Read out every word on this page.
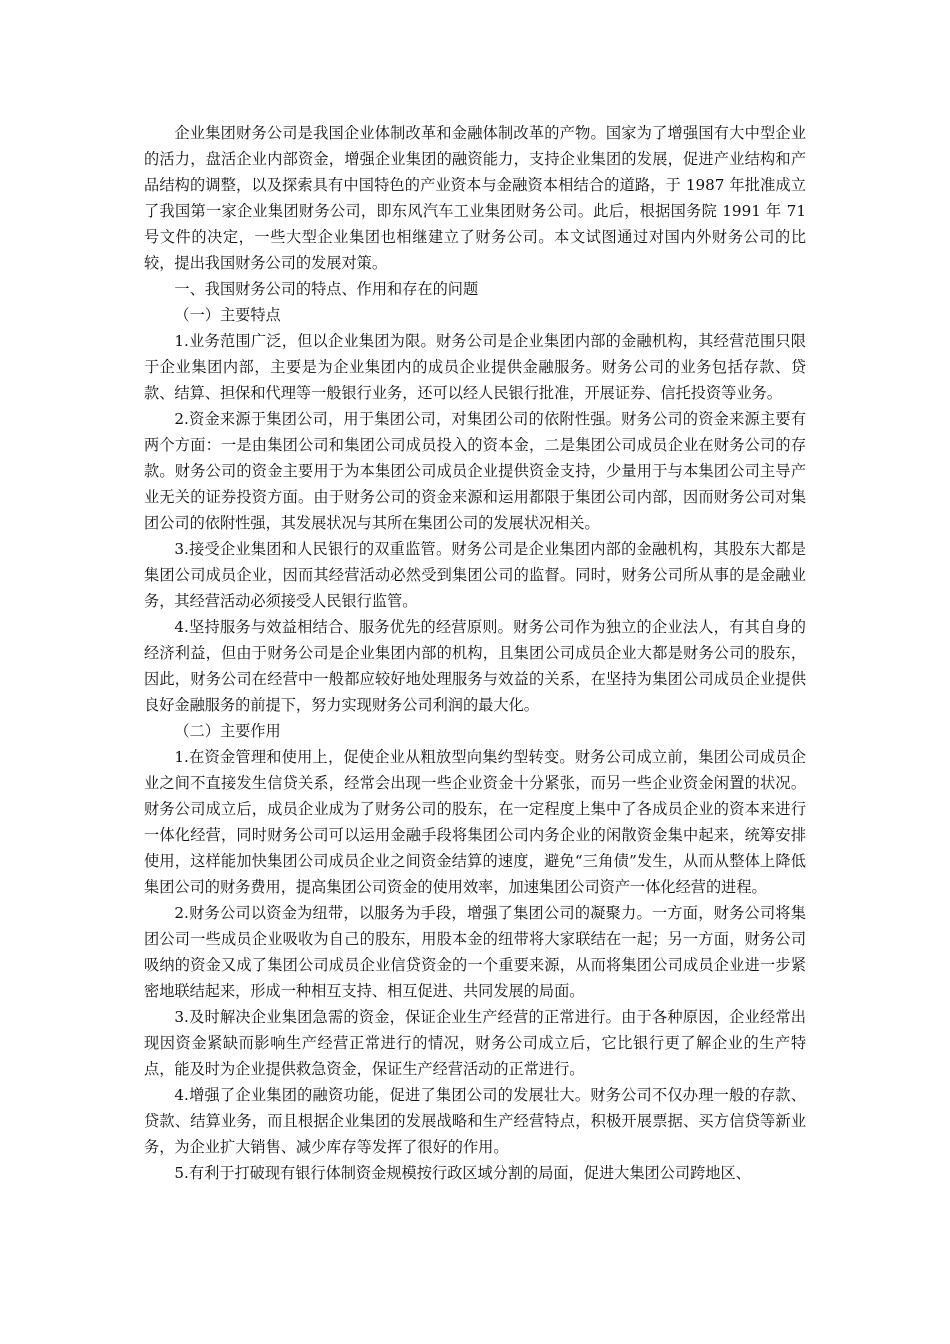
企业集团财务公司是我国企业体制改革和金融体制改革的产物。国家为了增强国有大中型企业的活力，盘活企业内部资金，增强企业集团的融资能力，支持企业集团的发展，促进产业结构和产品结构的调整，以及探索具有中国特色的产业资本与金融资本相结合的道路，于 1987 年批准成立了我国第一家企业集团财务公司，即东风汽车工业集团财务公司。此后，根据国务院 1991 年 71 号文件的决定，一些大型企业集团也相继建立了财务公司。本文试图通过对国内外财务公司的比较，提出我国财务公司的发展对策。

一、我国财务公司的特点、作用和存在的问题

（一）主要特点

1.业务范围广泛，但以企业集团为限。财务公司是企业集团内部的金融机构，其经营范围只限于企业集团内部，主要是为企业集团内的成员企业提供金融服务。财务公司的业务包括存款、贷款、结算、担保和代理等一般银行业务，还可以经人民银行批准，开展证券、信托投资等业务。

2.资金来源于集团公司，用于集团公司，对集团公司的依附性强。财务公司的资金来源主要有两个方面：一是由集团公司和集团公司成员投入的资本金，二是集团公司成员企业在财务公司的存款。财务公司的资金主要用于为本集团公司成员企业提供资金支持，少量用于与本集团公司主导产业无关的证券投资方面。由于财务公司的资金来源和运用都限于集团公司内部，因而财务公司对集团公司的依附性强，其发展状况与其所在集团公司的发展状况相关。

3.接受企业集团和人民银行的双重监管。财务公司是企业集团内部的金融机构，其股东大都是集团公司成员企业，因而其经营活动必然受到集团公司的监督。同时，财务公司所从事的是金融业务，其经营活动必须接受人民银行监管。

4.坚持服务与效益相结合、服务优先的经营原则。财务公司作为独立的企业法人，有其自身的经济利益，但由于财务公司是企业集团内部的机构，且集团公司成员企业大都是财务公司的股东，因此，财务公司在经营中一般都应较好地处理服务与效益的关系，在坚持为集团公司成员企业提供良好金融服务的前提下，努力实现财务公司利润的最大化。

（二）主要作用

1.在资金管理和使用上，促使企业从粗放型向集约型转变。财务公司成立前，集团公司成员企业之间不直接发生信贷关系，经常会出现一些企业资金十分紧张，而另一些企业资金闲置的状况。财务公司成立后，成员企业成为了财务公司的股东，在一定程度上集中了各成员企业的资本来进行一体化经营，同时财务公司可以运用金融手段将集团公司内务企业的闲散资金集中起来，统筹安排使用，这样能加快集团公司成员企业之间资金结算的速度，避免“三角债”发生，从而从整体上降低集团公司的财务费用，提高集团公司资金的使用效率，加速集团公司资产一体化经营的进程。

2.财务公司以资金为纽带，以服务为手段，增强了集团公司的凝聚力。一方面，财务公司将集团公司一些成员企业吸收为自己的股东，用股本金的纽带将大家联结在一起；另一方面，财务公司吸纳的资金又成了集团公司成员企业信贷资金的一个重要来源，从而将集团公司成员企业进一步紧密地联结起来，形成一种相互支持、相互促进、共同发展的局面。

3.及时解决企业集团急需的资金，保证企业生产经营的正常进行。由于各种原因，企业经常出现因资金紧缺而影响生产经营正常进行的情况，财务公司成立后，它比银行更了解企业的生产特点，能及时为企业提供救急资金，保证生产经营活动的正常进行。

4.增强了企业集团的融资功能，促进了集团公司的发展壮大。财务公司不仅办理一般的存款、贷款、结算业务，而且根据企业集团的发展战略和生产经营特点，积极开展票据、买方信贷等新业务，为企业扩大销售、减少库存等发挥了很好的作用。

5.有利于打破现有银行体制资金规模按行政区域分割的局面，促进大集团公司跨地区、
